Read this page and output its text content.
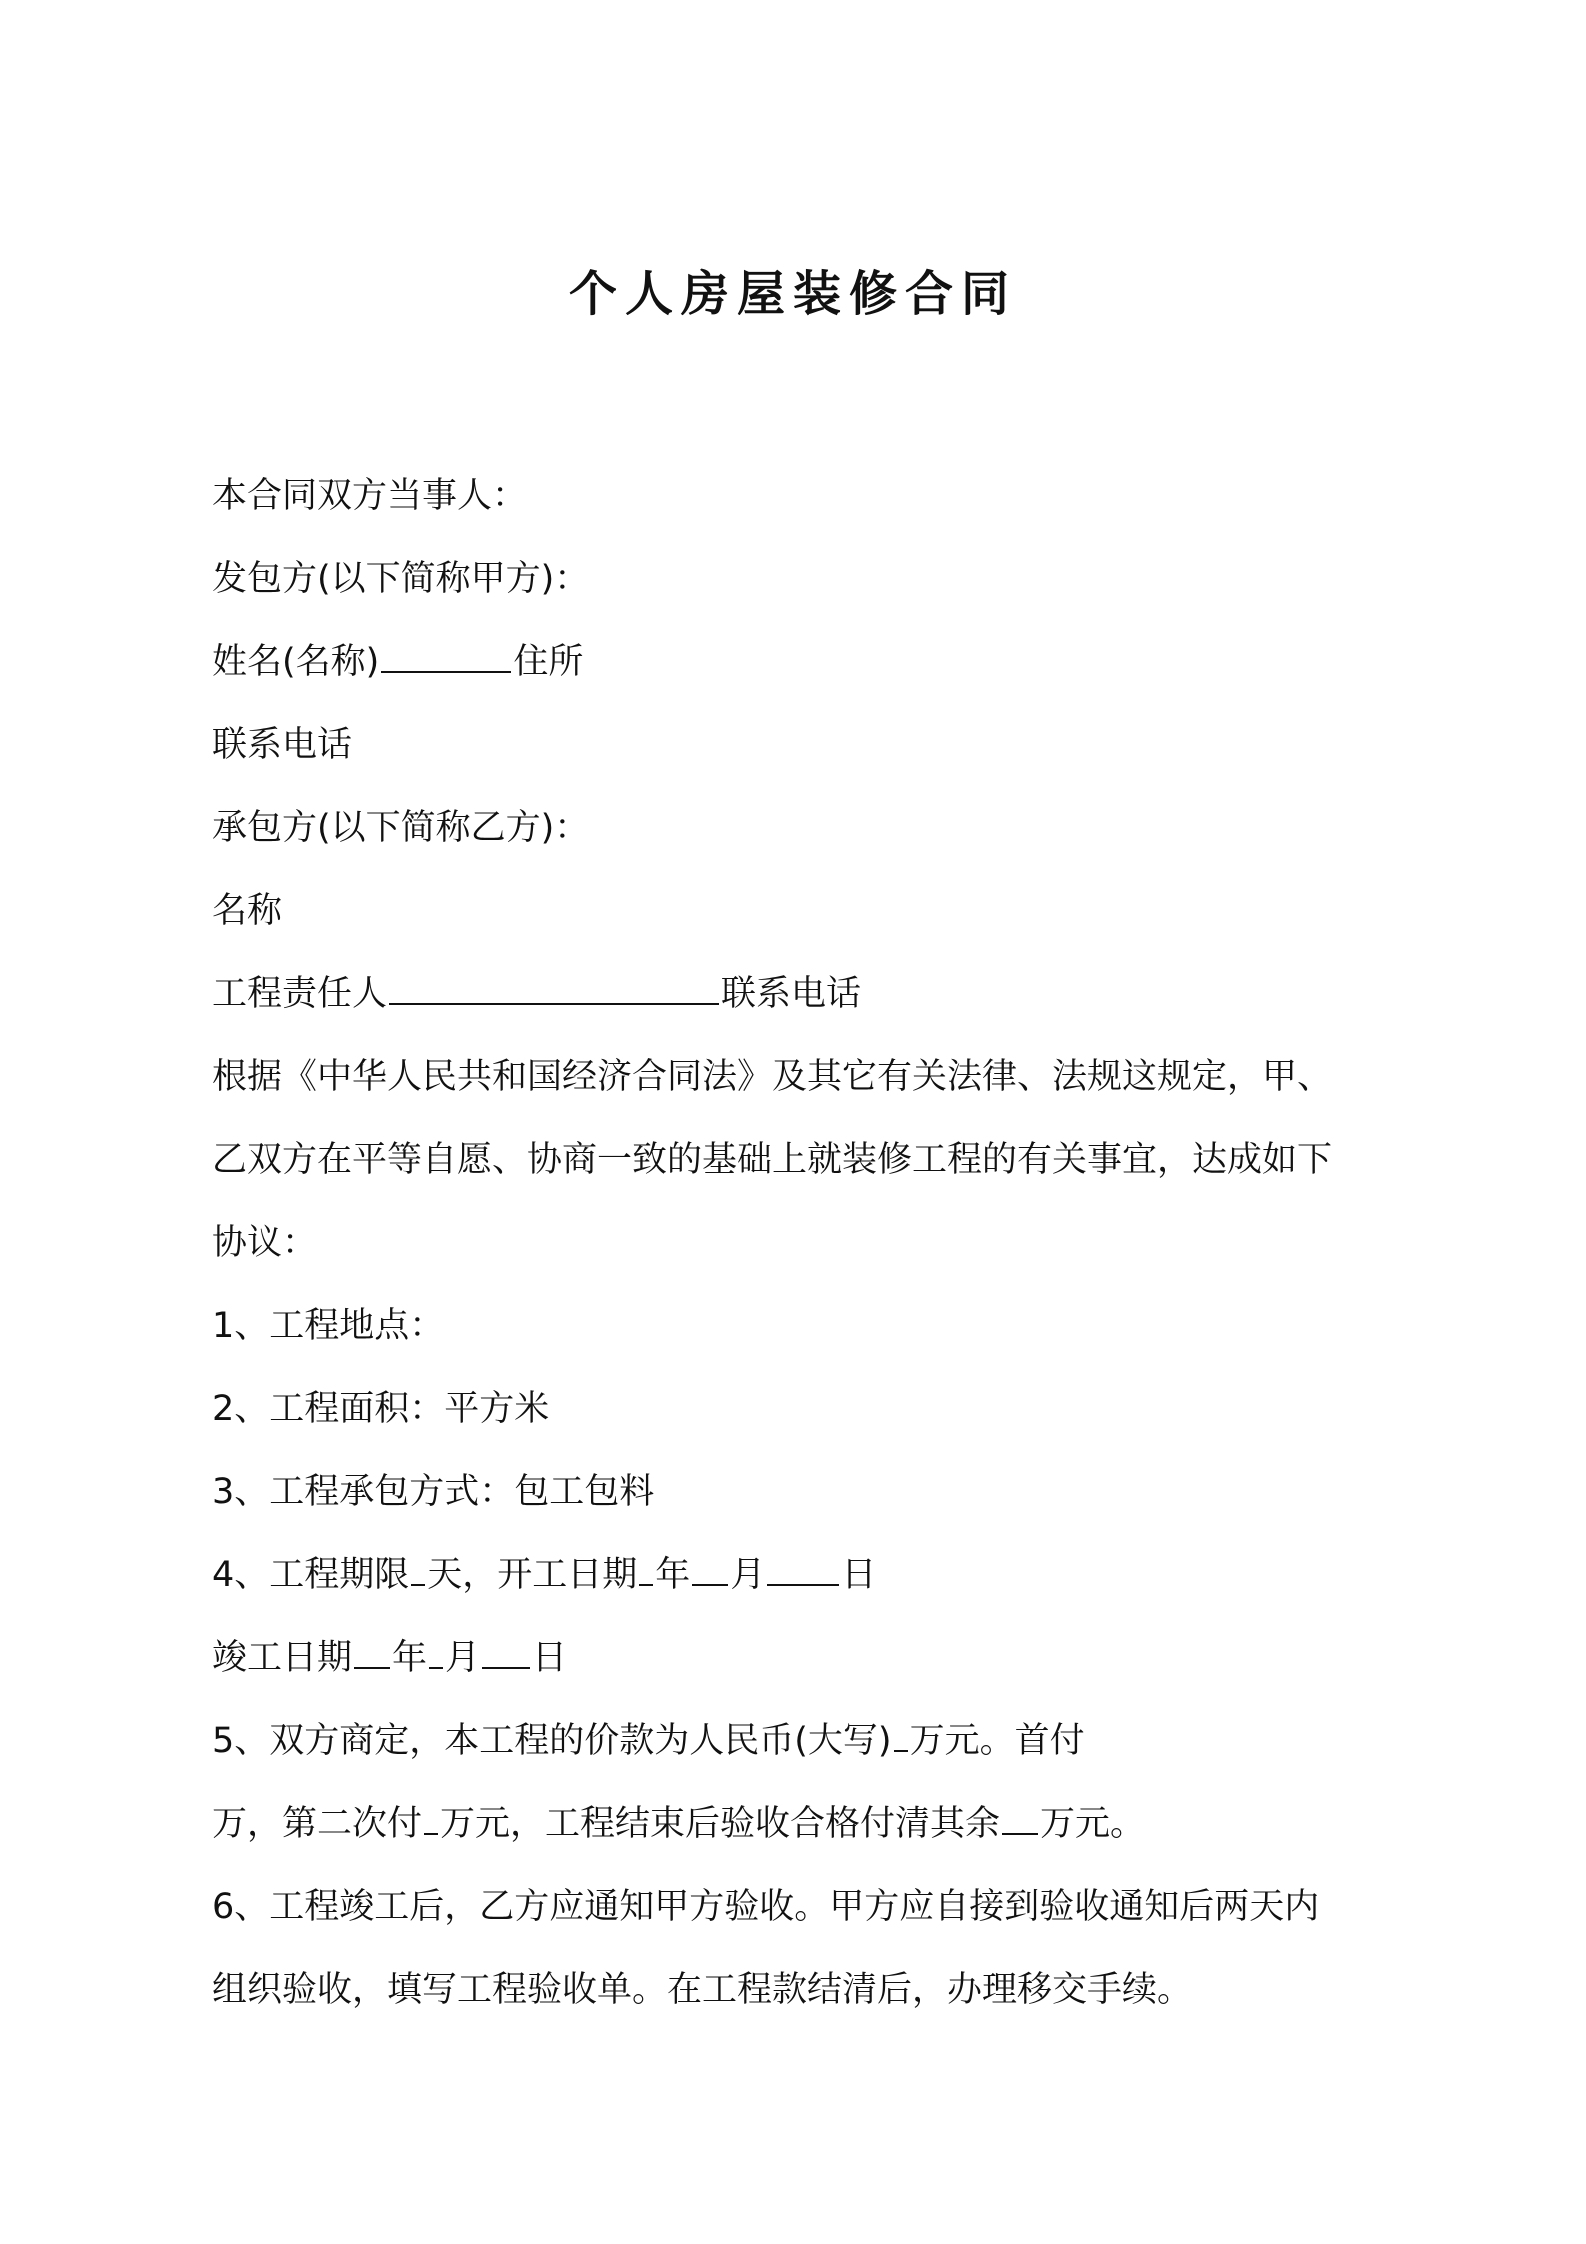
个人房屋装修合同
本合同双方当事人：
发包方(以下简称甲方)：
姓名(名称)	住所
联系电话
承包方(以下简称乙方)：
名称
工程责任人	联系电话
根据《中华人民共和国经济合同法》及其它有关法律、法规这规定，甲、
乙双方在平等自愿、协商一致的基础上就装修工程的有关事宜，达成如下
协议：
1、工程地点：
2、工程面积：平方米
3、工程承包方式：包工包料
4、工程期限 天，开工日期 年 月 日
竣工日期 年 月 日
5、双方商定，本工程的价款为人民币(大写) 万元。首付
万，第二次付 万元，工程结束后验收合格付清其余 万元。
6、工程竣工后，乙方应通知甲方验收。甲方应自接到验收通知后两天内
组织验收，填写工程验收单。在工程款结清后，办理移交手续。
